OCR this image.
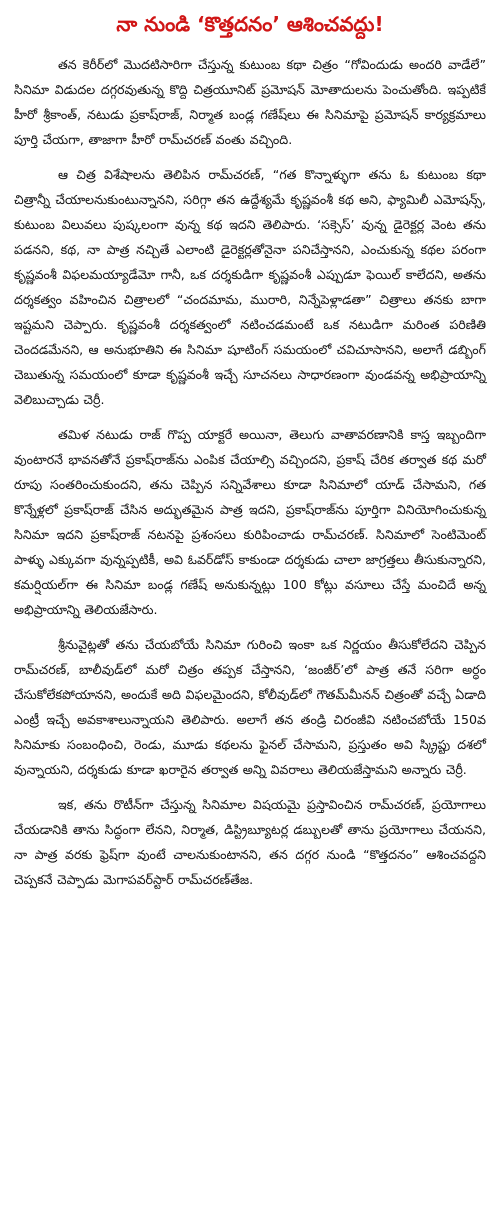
నా నుండి ‘కొత్తదనం’ ఆశించవద్దు!

తన కెరీర్‌లో మొదటిసారిగా చేస్తున్న కుటుంబ కథా చిత్రం “గోవిందుడు అందరి వాడేలే” సినిమా విడుదల దగ్గరవుతున్న కొద్ది చిత్రయూనిట్ ప్రమోషన్ మోతాదులను పెంచుతోంది. ఇప్పటికే హీరో శ్రీకాంత్, నటుడు ప్రకాష్‌రాజ్, నిర్మాత బండ్ల గణేష్‌లు ఈ సినిమాపై ప్రమోషన్ కార్యక్రమాలు పూర్తి చేయగా, తాజాగా హీరో రామ్‌చరణ్ వంతు వచ్చింది.

ఆ చిత్ర విశేషాలను తెలిపిన రామ్‌చరణ్, “గత కొన్నాళ్ళుగా తను ఓ కుటుంబ కథా చిత్రాన్నీ చేయాలనుకుంటున్నానని, సరిగ్గా తన ఉద్దేశ్యమే కృష్ణవంశీ కథ అని, ఫ్యామిలీ ఎమోషన్స్, కుటుంబ విలువలు పుష్కలంగా వున్న కథ ఇదని తెలిపారు. ‘సక్సెస్’ వున్న డైరెక్టర్ల వెంట తను పడనని, కథ, నా పాత్ర నచ్చితే ఎలాంటి డైరెక్టర్లతోనైనా పనిచేస్తానని, ఎంచుకున్న కథల పరంగా కృష్ణవంశీ విఫలమయ్యాడేమో గానీ, ఒక దర్శకుడిగా కృష్ణవంశీ ఎప్పుడూ ఫెయిల్ కాలేదని, అతను దర్శకత్వం వహించిన చిత్రాలలో “చందమామ, మురారి, నిన్నేపెళ్లాడతా” చిత్రాలు తనకు బాగా ఇష్టమని చెప్పారు. కృష్ణవంశీ దర్శకత్వంలో నటించడమంటే ఒక నటుడిగా మరింత పరిణితి చెందడమేనని, ఆ అనుభూతిని ఈ సినిమా షూటింగ్ సమయంలో చవిచూసానని, అలాగే డబ్బింగ్ చెబుతున్న సమయంలో కూడా కృష్ణవంశీ ఇచ్చే సూచనలు సాధారణంగా వుండవన్న అభిప్రాయాన్ని వెలిబుచ్చాడు చెర్రీ.

తమిళ నటుడు రాజ్ గొప్ప యాక్టరే అయినా, తెలుగు వాతావరణానికి కాస్త ఇబ్బందిగా వుంటారనే భావనతోనే ప్రకాష్‌రాజ్‌ను ఎంపిక చేయాల్సి వచ్చిందని, ప్రకాష్ చేరిక తర్వాత కథ మరో రూపు సంతరించుకుందని, తను చెప్పిన సన్నివేశాలు కూడా సినిమాలో యాడ్ చేసామని, గత కొన్నేళ్లలో ప్రకాష్‌రాజ్ చేసిన అద్భుతమైన పాత్ర ఇదని, ప్రకాష్‌రాజ్‌ను పూర్తిగా వినియోగించుకున్న సినిమా ఇదని ప్రకాష్‌రాజ్ నటనపై ప్రశంసలు కురిపించాడు రామ్‌చరణ్. సినిమాలో సెంటిమెంట్ పాళ్ళు ఎక్కువగా వున్నప్పటికీ, అవి ఓవర్‌డోస్ కాకుండా దర్శకుడు చాలా జాగ్రత్తలు తీసుకున్నారని, కమర్షియల్‌గా ఈ సినిమా బండ్ల గణేష్ అనుకున్నట్లు 100 కోట్లు వసూలు చేస్తే మంచిదే అన్న అభిప్రాయాన్ని తెలియజేసారు.

శ్రీనువైట్లతో తను చేయబోయే సినిమా గురించి ఇంకా ఒక నిర్ణయం తీసుకోలేదని చెప్పిన రామ్‌చరణ్, బాలీవుడ్‌లో మరో చిత్రం తప్పక చేస్తానని, ‘జంజీర్’లో పాత్ర తనే సరిగా అర్ధం చేసుకోలేకపోయానని, అందుకే అది విఫలమైందని, కోలీవుడ్‌లో గౌతమ్‌మీనన్ చిత్రంతో వచ్చే ఏడాది ఎంట్రీ ఇచ్చే అవకాశాలున్నాయని తెలిపారు. అలాగే తన తండ్రి చిరంజీవి నటించబోయే 150వ సినిమాకు సంబంధించి, రెండు, మూడు కథలను ఫైనల్ చేసామని, ప్రస్తుతం అవి స్క్రిప్టు దశలో వున్నాయని, దర్శకుడు కూడా ఖరారైన తర్వాత అన్ని వివరాలు తెలియజేస్తామని అన్నారు చెర్రీ.

ఇక, తను రొటీన్‌గా చేస్తున్న సినిమాల విషయమై ప్రస్తావించిన రామ్‌చరణ్, ప్రయోగాలు చేయడానికి తాను సిద్ధంగా లేనని, నిర్మాత, డిస్ట్రిబ్యూటర్ల డబ్బులతో తాను ప్రయోగాలు చేయనని, నా పాత్ర వరకు ఫ్రెష్‌గా వుంటే చాలనుకుంటానని, తన దగ్గర నుండి “కొత్తదనం” ఆశించవద్దని చెప్పకనే చెప్పాడు మెగాపవర్‌స్టార్ రామ్‌చరణ్‌తేజ.
